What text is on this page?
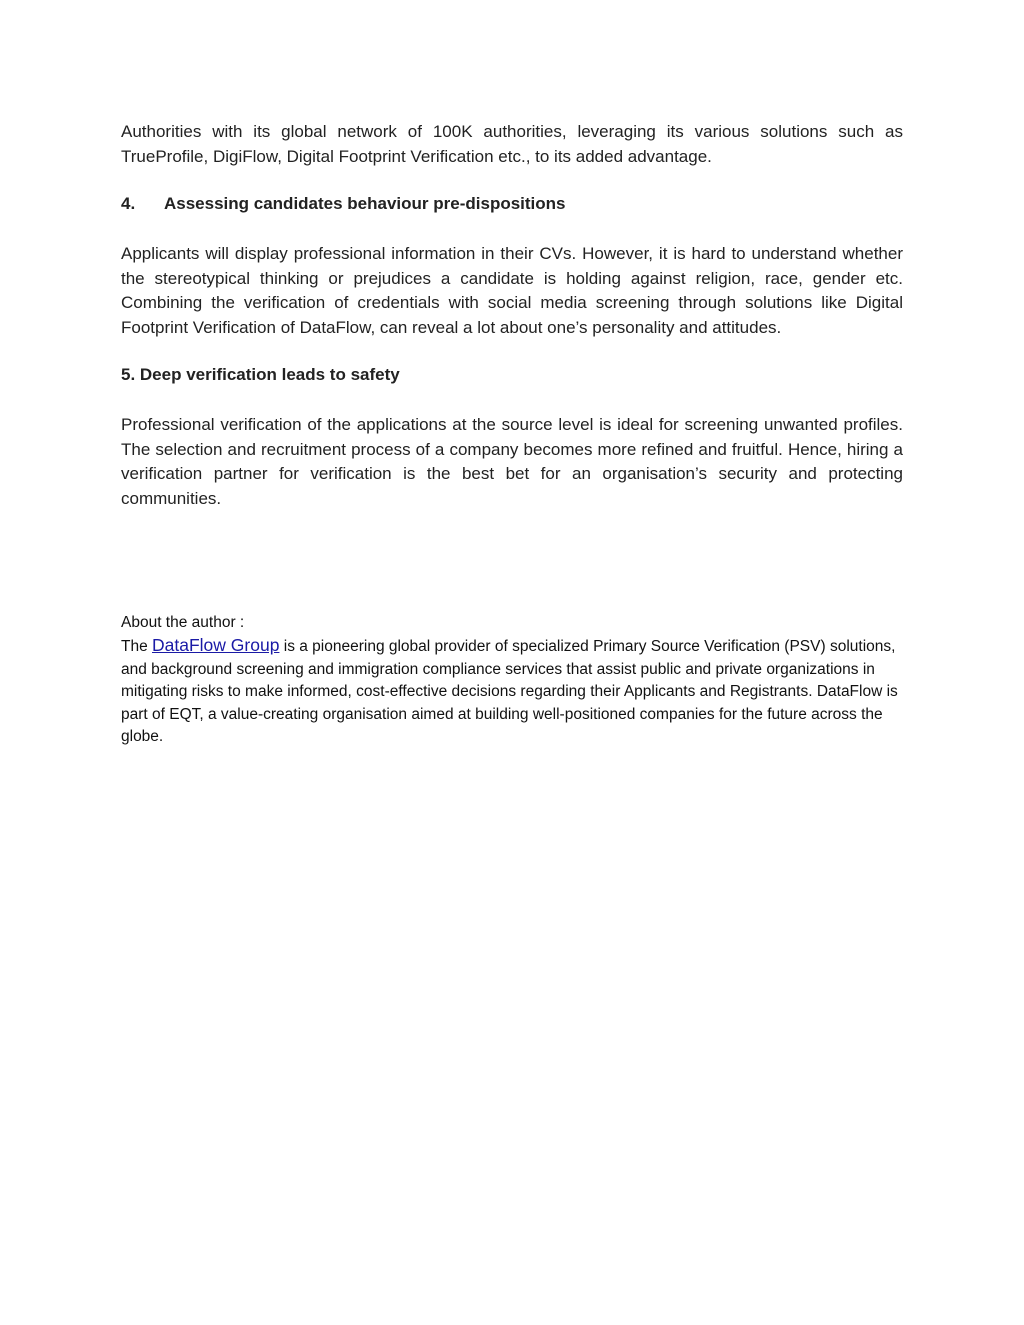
Authorities with its global network of 100K authorities, leveraging its various solutions such as TrueProfile, DigiFlow, Digital Footprint Verification etc., to its added advantage.

4. Assessing candidates behaviour pre-dispositions

Applicants will display professional information in their CVs. However, it is hard to understand whether the stereotypical thinking or prejudices a candidate is holding against religion, race, gender etc. Combining the verification of credentials with social media screening through solutions like Digital Footprint Verification of DataFlow, can reveal a lot about one’s personality and attitudes.

5. Deep verification leads to safety

Professional verification of the applications at the source level is ideal for screening unwanted profiles. The selection and recruitment process of a company becomes more refined and fruitful. Hence, hiring a verification partner for verification is the best bet for an organisation’s security and protecting communities.

About the author :

The DataFlow Group is a pioneering global provider of specialized Primary Source Verification (PSV) solutions, and background screening and immigration compliance services that assist public and private organizations in mitigating risks to make informed, cost-effective decisions regarding their Applicants and Registrants. DataFlow is part of EQT, a value-creating organisation aimed at building well-positioned companies for the future across the globe.
